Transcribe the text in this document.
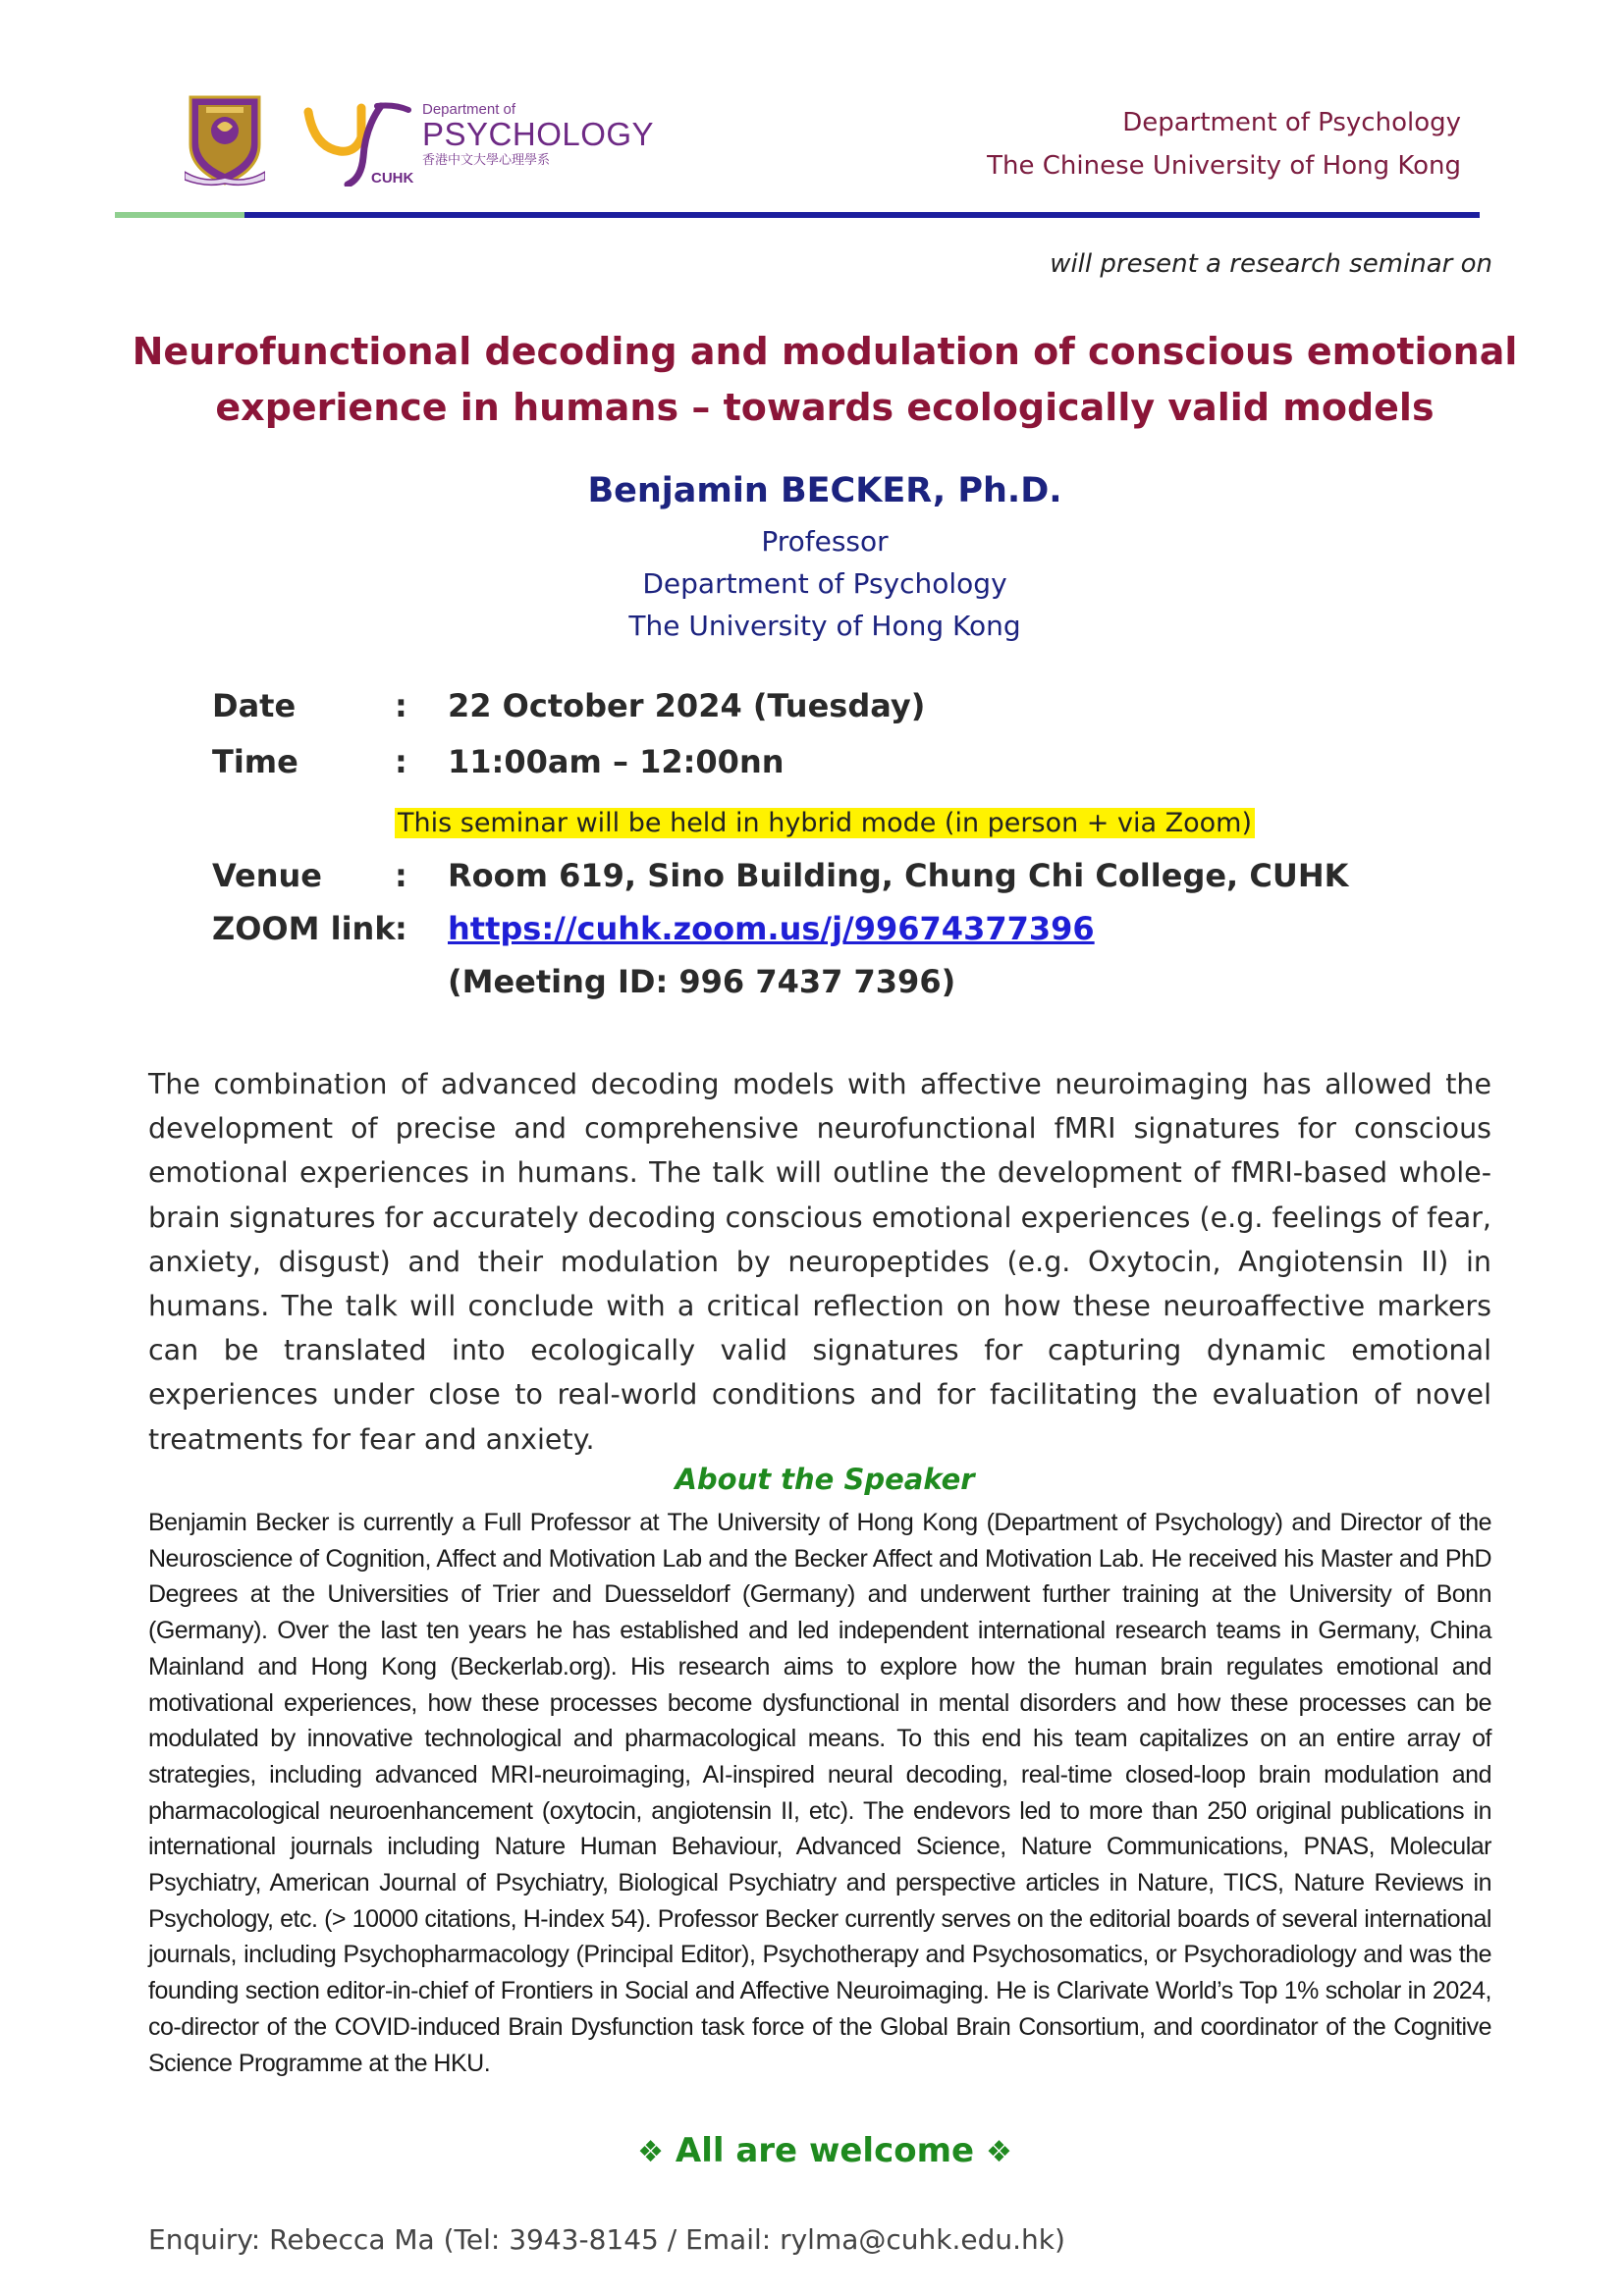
CUHK
Department of
PSYCHOLOGY
香港中文大學心理學系
Department of Psychology
The Chinese University of Hong Kong
will present a research seminar on
Neurofunctional decoding and modulation of conscious emotional
experience in humans – towards ecologically valid models
Benjamin BECKER, Ph.D.
Professor
Department of Psychology
The University of Hong Kong
Date	: 22 October 2024 (Tuesday)
Time	: 11:00am – 12:00nn
This seminar will be held in hybrid mode (in person + via Zoom)
Venue : Room 619, Sino Building, Chung Chi College, CUHK
ZOOM link : https://cuhk.zoom.us/j/99674377396
(Meeting ID: 996 7437 7396)
The combination of advanced decoding models with affective neuroimaging has allowed the development of precise and comprehensive neurofunctional fMRI signatures for conscious emotional experiences in humans. The talk will outline the development of fMRI-based whole-brain signatures for accurately decoding conscious emotional experiences (e.g. feelings of fear, anxiety, disgust) and their modulation by neuropeptides (e.g. Oxytocin, Angiotensin II) in humans. The talk will conclude with a critical reflection on how these neuroaffective markers can be translated into ecologically valid signatures for capturing dynamic emotional experiences under close to real-world conditions and for facilitating the evaluation of novel treatments for fear and anxiety.
About the Speaker
Benjamin Becker is currently a Full Professor at The University of Hong Kong (Department of Psychology) and Director of the Neuroscience of Cognition, Affect and Motivation Lab and the Becker Affect and Motivation Lab. He received his Master and PhD Degrees at the Universities of Trier and Duesseldorf (Germany) and underwent further training at the University of Bonn (Germany). Over the last ten years he has established and led independent international research teams in Germany, China Mainland and Hong Kong (Beckerlab.org). His research aims to explore how the human brain regulates emotional and motivational experiences, how these processes become dysfunctional in mental disorders and how these processes can be modulated by innovative technological and pharmacological means. To this end his team capitalizes on an entire array of strategies, including advanced MRI-neuroimaging, AI-inspired neural decoding, real-time closed-loop brain modulation and pharmacological neuroenhancement (oxytocin, angiotensin II, etc). The endevors led to more than 250 original publications in international journals including Nature Human Behaviour, Advanced Science, Nature Communications, PNAS, Molecular Psychiatry, American Journal of Psychiatry, Biological Psychiatry and perspective articles in Nature, TICS, Nature Reviews in Psychology, etc. (> 10000 citations, H-index 54). Professor Becker currently serves on the editorial boards of several international journals, including Psychopharmacology (Principal Editor), Psychotherapy and Psychosomatics, or Psychoradiology and was the founding section editor-in-chief of Frontiers in Social and Affective Neuroimaging. He is Clarivate World’s Top 1% scholar in 2024, co-director of the COVID-induced Brain Dysfunction task force of the Global Brain Consortium, and coordinator of the Cognitive Science Programme at the HKU.
❖ All are welcome ❖
Enquiry: Rebecca Ma (Tel: 3943-8145 / Email: rylma@cuhk.edu.hk)
